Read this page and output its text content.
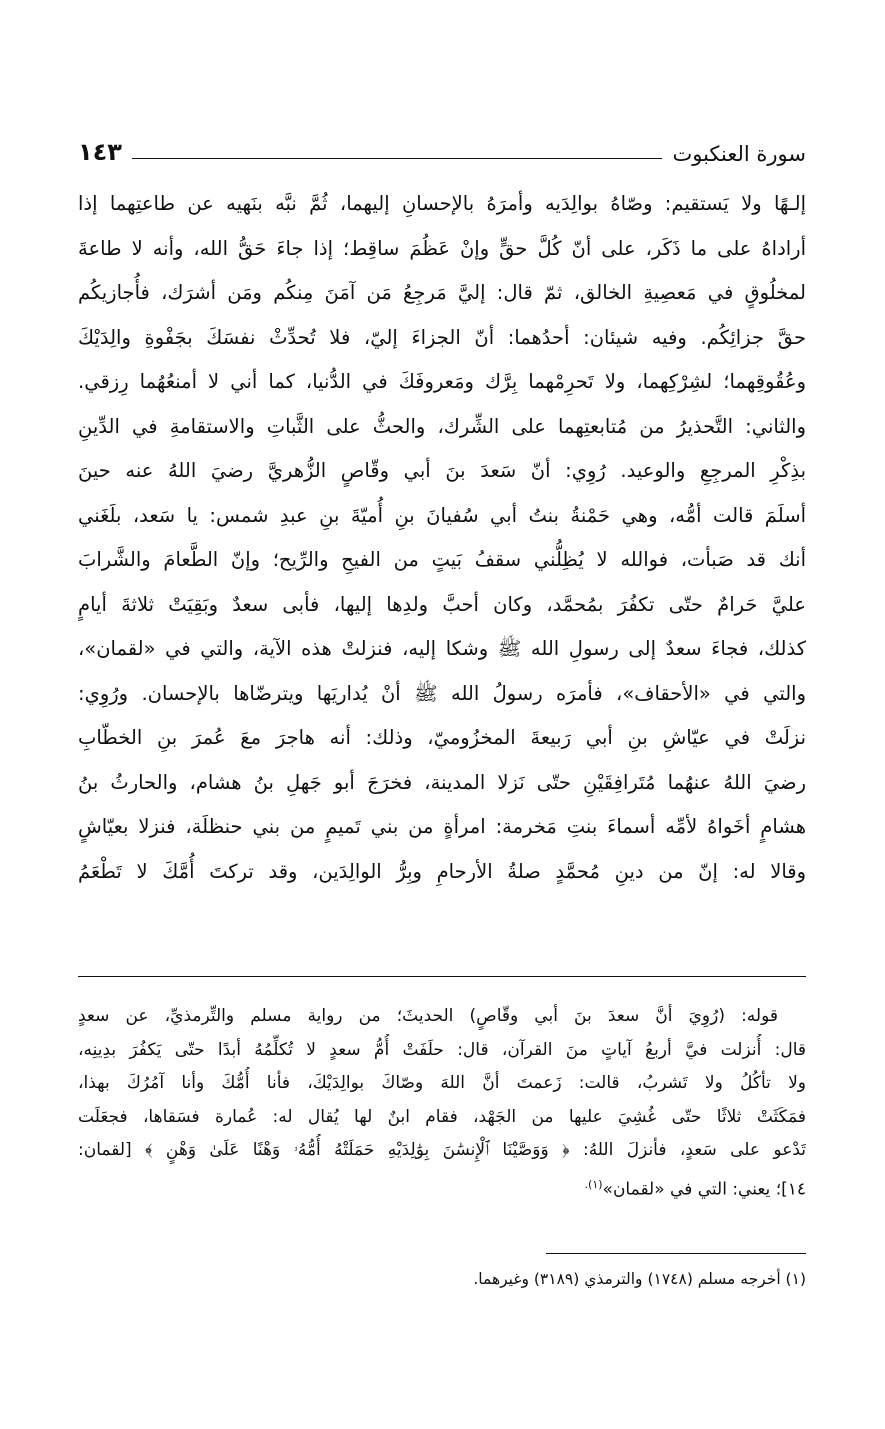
سورة العنكبوت
١٤٣
إلـهًا ولا يَستقيم: وصّاهُ بوالِدَيه وأمرَهُ بالإحسانِ إليهما، ثُمَّ نبَّه بنَهيه عن طاعتِهما إذا
أراداهُ على ما ذَكَر، على أنّ كُلَّ حقٍّ وإنْ عَظُمَ ساقِط؛ إذا جاءَ حَقُّ الله، وأنه لا طاعةَ
لمخلُوقٍ في مَعصِيةِ الخالق، ثمّ قال: إليَّ مَرجِعُ مَن آمَنَ مِنكُم ومَن أشرَك، فأُجازيكُم
حقَّ جزائِكُم. وفيه شيئان: أحدُهما: أنّ الجزاءَ إليّ، فلا تُحدِّثْ نفسَكَ بجَفْوةِ والِدَيْكَ
وعُقُوقِهما؛ لشِرْكِهما، ولا تَحرِمْهما بِرَّك ومَعروفَكَ في الدُّنيا، كما أني لا أمنعُهُما رِزقي.
والثاني: التَّحذيرُ من مُتابعتِهما على الشِّرك، والحثُّ على الثَّباتِ والاستقامةِ في الدِّينِ
بذِكْرِ المرجِعِ والوعيد. رُوِي: أنّ سَعدَ بنَ أبي وقّاصٍ الزُّهريَّ رضيَ اللهُ عنه حينَ
أسلَمَ قالت أمُّه، وهي حَمْنةُ بنتُ أبي سُفيانَ بنِ أُميّةَ بنِ عبدِ شمس: يا سَعد، بلَغَني
أنك قد صَبأت، فوالله لا يُظِلُّني سقفُ بَيتٍ من الفيحِ والرِّيح؛ وإنّ الطَّعامَ والشَّرابَ
عليَّ حَرامٌ حتّى تكفُرَ بمُحمَّد، وكان أحبَّ ولدِها إليها، فأبى سعدٌ وبَقِيَتْ ثلاثةَ أيامٍ
كذلك، فجاءَ سعدٌ إلى رسولِ الله ﷺ وشكا إليه، فنزلتْ هذه الآية، والتي في «لقمان»،
والتي في «الأحقاف»، فأمرَه رسولُ الله ﷺ أنْ يُداريَها ويترضّاها بالإحسان. ورُوِي:
نزلَتْ في عيّاشِ بنِ أبي رَبيعةَ المخزُوميّ، وذلك: أنه هاجرَ معَ عُمرَ بنِ الخطّابِ
رضيَ اللهُ عنهُما مُتَرافِقَيْنِ حتّى نَزلا المدينة، فخرَجَ أبو جَهلِ بنُ هشام، والحارثُ بنُ
هشامٍ أخَواهُ لأمِّه أسماءَ بنتِ مَخرمة: امرأةٍ من بني تَميمٍ من بني حنظلَة، فنزلا بعيّاشٍ
وقالا له: إنّ من دينِ مُحمَّدٍ صلةُ الأرحامِ وبِرُّ الوالِدَين، وقد تركتَ أُمَّكَ لا تَطْعَمُ
قوله: (رُوِيَ أنَّ سعدَ بنَ أبي وقّاصٍ) الحديثَ؛ من رواية مسلم والتِّرمذيِّ، عن سعدٍ
قال: أُنزلت فيَّ أربعُ آياتٍ منَ القرآن، قال: حلَفَتْ أُمُّ سعدٍ لا تُكلِّمُهُ أبدًا حتّى يَكفُرَ بدِينِه،
ولا تأكُلُ ولا تَشربُ، قالت: زَعمتَ أنَّ اللهَ وصّاكَ بوالِدَيْكَ، فأنا أُمُّكَ وأنا آمُرُكَ بهذا،
فمَكَثَتْ ثلاثًا حتّى غُشِيَ عليها من الجَهْد، فقام ابنٌ لها يُقال له: عُمارة فسَقاها، فجعَلَت
تَدْعو على سَعدٍ، فأنزلَ اللهُ: ﴿ وَوَصَّيْنَا ٱلْإِنسَٰنَ بِوَٰلِدَيْهِ حَمَلَتْهُ أُمُّهُۥ وَهْنًا عَلَىٰ وَهْنٍ ﴾ [لقمان:
١٤]؛ يعني: التي في «لقمان»$^{(١).}$
(١) أخرجه مسلم (١٧٤٨) والترمذي (٣١٨٩) وغيرهما.
